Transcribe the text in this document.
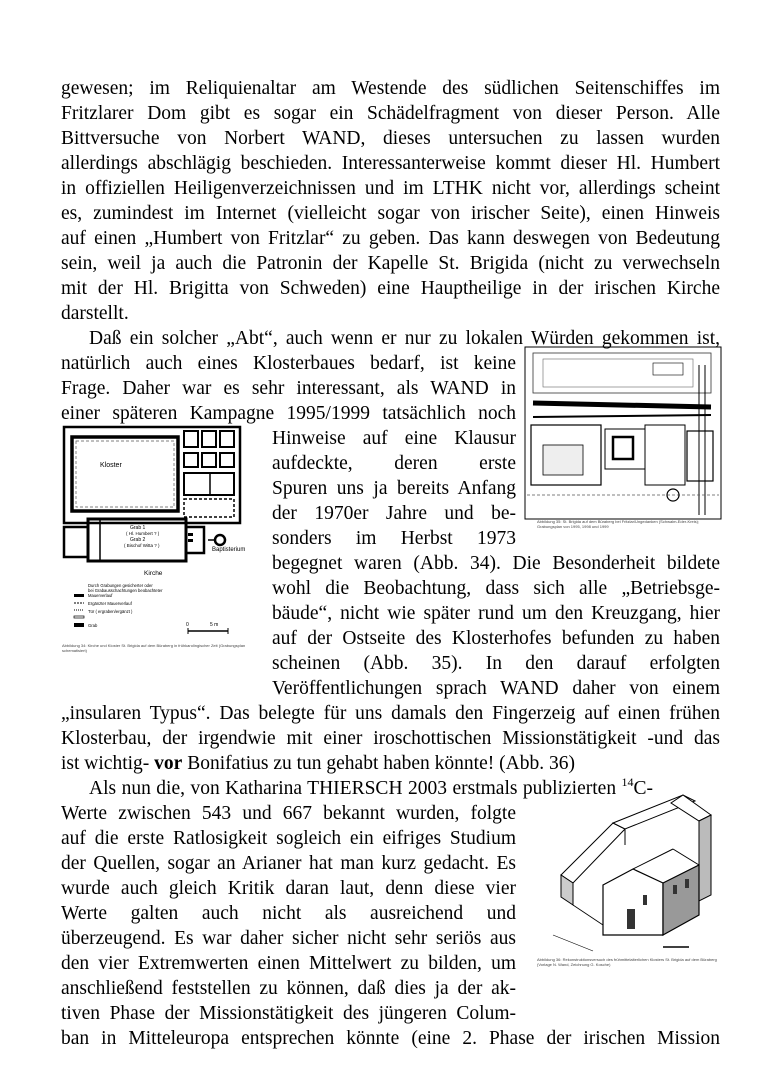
gewesen; im Reliquienaltar am Westende des südlichen Seitenschiffes im
Fritzlarer Dom gibt es sogar ein Schädelfragment von dieser Person. Alle
Bittversuche von Norbert WAND, dieses untersuchen zu lassen wurden
allerdings abschlägig beschieden. Interessanterweise kommt dieser Hl. Humbert
in offiziellen Heiligenverzeichnissen und im LTHK nicht vor, allerdings scheint
es, zumindest im Internet (vielleicht sogar von irischer Seite), einen Hinweis
auf einen „Humbert von Fritzlar“ zu geben. Das kann deswegen von Bedeutung
sein, weil ja auch die Patronin der Kapelle St. Brigida (nicht zu verwechseln
mit der Hl. Brigitta von Schweden) eine Hauptheilige in der irischen Kirche
darstellt.
Daß ein solcher „Abt“, auch wenn er nur zu lokalen Würden gekommen ist,
natürlich auch eines Klosterbaues bedarf, ist keine
Frage. Daher war es sehr interessant, als WAND in
einer späteren Kampagne 1995/1999 tatsächlich noch
Hinweise auf eine Klausur
aufdeckte, deren erste
Spuren uns ja bereits Anfang
der 1970er Jahre und be-
sonders im Herbst 1973
begegnet waren (Abb. 34). Die Besonderheit bildete
wohl die Beobachtung, dass sich alle „Betriebsge-
bäude“, nicht wie später rund um den Kreuzgang, hier
auf der Ostseite des Klosterhofes befunden zu haben
scheinen (Abb. 35). In den darauf erfolgten
Veröffentlichungen sprach WAND daher von einem
„insularen Typus“. Das belegte für uns damals den Fingerzeig auf einen frühen
Klosterbau, der irgendwie mit einer iroschottischen Missionstätigkeit -und das
ist wichtig- vor Bonifatius zu tun gehabt haben könnte! (Abb. 36)
Als nun die, von Katharina THIERSCH 2003 erstmals publizierten $^{14}$C-
Werte zwischen 543 und 667 bekannt wurden, folgte
auf die erste Ratlosigkeit sogleich ein eifriges Studium
der Quellen, sogar an Arianer hat man kurz gedacht. Es
wurde auch gleich Kritik daran laut, denn diese vier
Werte galten auch nicht als ausreichend und
überzeugend. Es war daher sicher nicht sehr seriös aus
den vier Extremwerten einen Mittelwert zu bilden, um
anschließend feststellen zu können, daß dies ja der ak-
tiven Phase der Missionstätigkeit des jüngeren Colum-
ban in Mitteleuropa entsprechen könnte (eine 2. Phase der irischen Mission
Kloster
Grab 1
( Hl. Humbert ? )
Grab 2
( Bischof Witta ? )
Baptisterium
Kirche
Durch Grabungen gesicherter oder
bei Grabausschachtungen beobachteter
Mauerverlauf
Ergänzter Mauerverlauf
Tür ( ergraben/ergänzt )
Grab	0	5 m
Abbildung 34: Kirche und Kloster St. Brigida auf dem Büraberg in frühkarolingischer Zeit (Grabungsplan schematisiert)
Abbildung 35: St. Brigida auf dem Büraberg bei Fritzlar/Ungedanken (Schwalm-Eder-Kreis); Grabungsplan von 1995, 1998 und 1999
Abbildung 36: Rekonstruktionsversuch des frühmittelalterlichen Klosters St. Brigida auf dem Büraberg (Vorlage N. Wand, Zeichnung G. Kosche)
